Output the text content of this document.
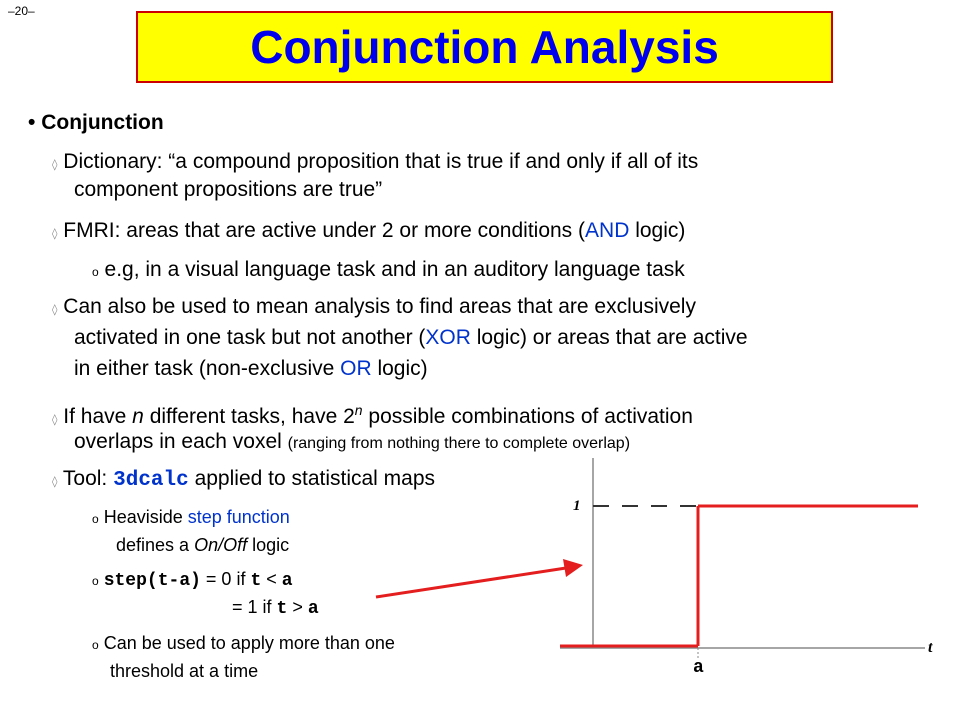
–20–
Conjunction Analysis
• Conjunction
◊ Dictionary: “a compound proposition that is true if and only if all of its
component propositions are true”
◊ FMRI: areas that are active under 2 or more conditions (AND logic)
o e.g, in a visual language task and in an auditory language task
◊ Can also be used to mean analysis to find areas that are exclusively
activated in one task but not another (XOR logic) or areas that are active
in either task (non-exclusive OR logic)
◊ If have n different tasks, have 2$^n$ possible combinations of activation
overlaps in each voxel (ranging from nothing there to complete overlap)
◊ Tool: 3dcalc applied to statistical maps
o Heaviside step function
defines a On/Off logic
o step(t-a) = 0 if t < a
= 1 if t > a
o Can be used to apply more than one
threshold at a time
1
t
a
